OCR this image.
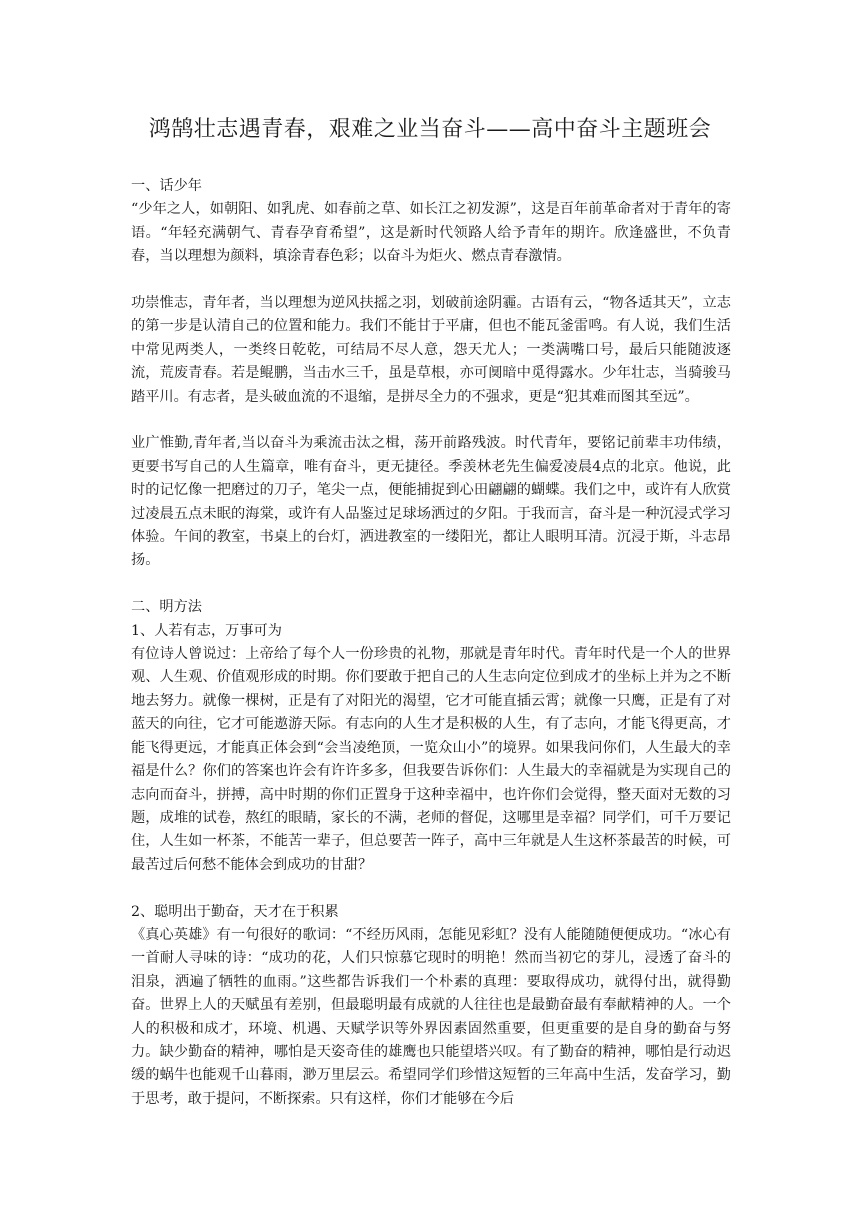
鸿鹄壮志遇青春，艰难之业当奋斗——高中奋斗主题班会

一、话少年

“少年之人，如朝阳、如乳虎、如春前之草、如长江之初发源”，这是百年前革命者对于青年的寄语。“年轻充满朝气、青春孕育希望”，这是新时代领路人给予青年的期许。欣逢盛世，不负青春，当以理想为颜料，填涂青春色彩；以奋斗为炬火、燃点青春激情。

功崇惟志，青年者，当以理想为逆风扶摇之羽，划破前途阴霾。古语有云，“物各适其天”，立志的第一步是认清自己的位置和能力。我们不能甘于平庸，但也不能瓦釜雷鸣。有人说，我们生活中常见两类人，一类终日乾乾，可结局不尽人意，怨天尤人；一类满嘴口号，最后只能随波逐流，荒废青春。若是鲲鹏，当击水三千，虽是草根，亦可阒暗中觅得露水。少年壮志，当骑骏马踏平川。有志者，是头破血流的不退缩，是拼尽全力的不强求，更是“犯其难而图其至远”。

业广惟勤,青年者,当以奋斗为乘流击汰之楫，荡开前路残波。时代青年，要铭记前辈丰功伟绩，更要书写自己的人生篇章，唯有奋斗，更无捷径。季羡林老先生偏爱凌晨4点的北京。他说，此时的记忆像一把磨过的刀子，笔尖一点，便能捕捉到心田翩翩的蝴蝶。我们之中，或许有人欣赏过凌晨五点未眠的海棠，或许有人品鉴过足球场洒过的夕阳。于我而言，奋斗是一种沉浸式学习体验。午间的教室，书桌上的台灯，洒进教室的一缕阳光，都让人眼明耳清。沉浸于斯，斗志昂扬。

二、明方法

1、人若有志，万事可为

有位诗人曾说过：上帝给了每个人一份珍贵的礼物，那就是青年时代。青年时代是一个人的世界观、人生观、价值观形成的时期。你们要敢于把自己的人生志向定位到成才的坐标上并为之不断地去努力。就像一棵树，正是有了对阳光的渴望，它才可能直插云霄；就像一只鹰，正是有了对蓝天的向往，它才可能遨游天际。有志向的人生才是积极的人生，有了志向，才能飞得更高，才能飞得更远，才能真正体会到“会当凌绝顶，一览众山小”的境界。如果我问你们，人生最大的幸福是什么？你们的答案也许会有许许多多，但我要告诉你们：人生最大的幸福就是为实现自己的志向而奋斗，拼搏，高中时期的你们正置身于这种幸福中，也许你们会觉得，整天面对无数的习题，成堆的试卷，熬红的眼睛，家长的不满，老师的督促，这哪里是幸福？同学们，可千万要记住，人生如一杯茶，不能苦一辈子，但总要苦一阵子，高中三年就是人生这杯茶最苦的时候，可最苦过后何愁不能体会到成功的甘甜？

2、聪明出于勤奋，天才在于积累

《真心英雄》有一句很好的歌词：“不经历风雨，怎能见彩虹？没有人能随随便便成功。“冰心有一首耐人寻味的诗：“成功的花，人们只惊慕它现时的明艳！然而当初它的芽儿，浸透了奋斗的泪泉，洒遍了牺牲的血雨。”这些都告诉我们一个朴素的真理：要取得成功，就得付出，就得勤奋。世界上人的天赋虽有差别，但最聪明最有成就的人往往也是最勤奋最有奉献精神的人。一个人的积极和成才，环境、机遇、天赋学识等外界因素固然重要，但更重要的是自身的勤奋与努力。缺少勤奋的精神，哪怕是天姿奇佳的雄鹰也只能望塔兴叹。有了勤奋的精神，哪怕是行动迟缓的蜗牛也能观千山暮雨，渺万里层云。希望同学们珍惜这短暂的三年高中生活，发奋学习，勤于思考，敢于提问，不断探索。只有这样，你们才能够在今后
